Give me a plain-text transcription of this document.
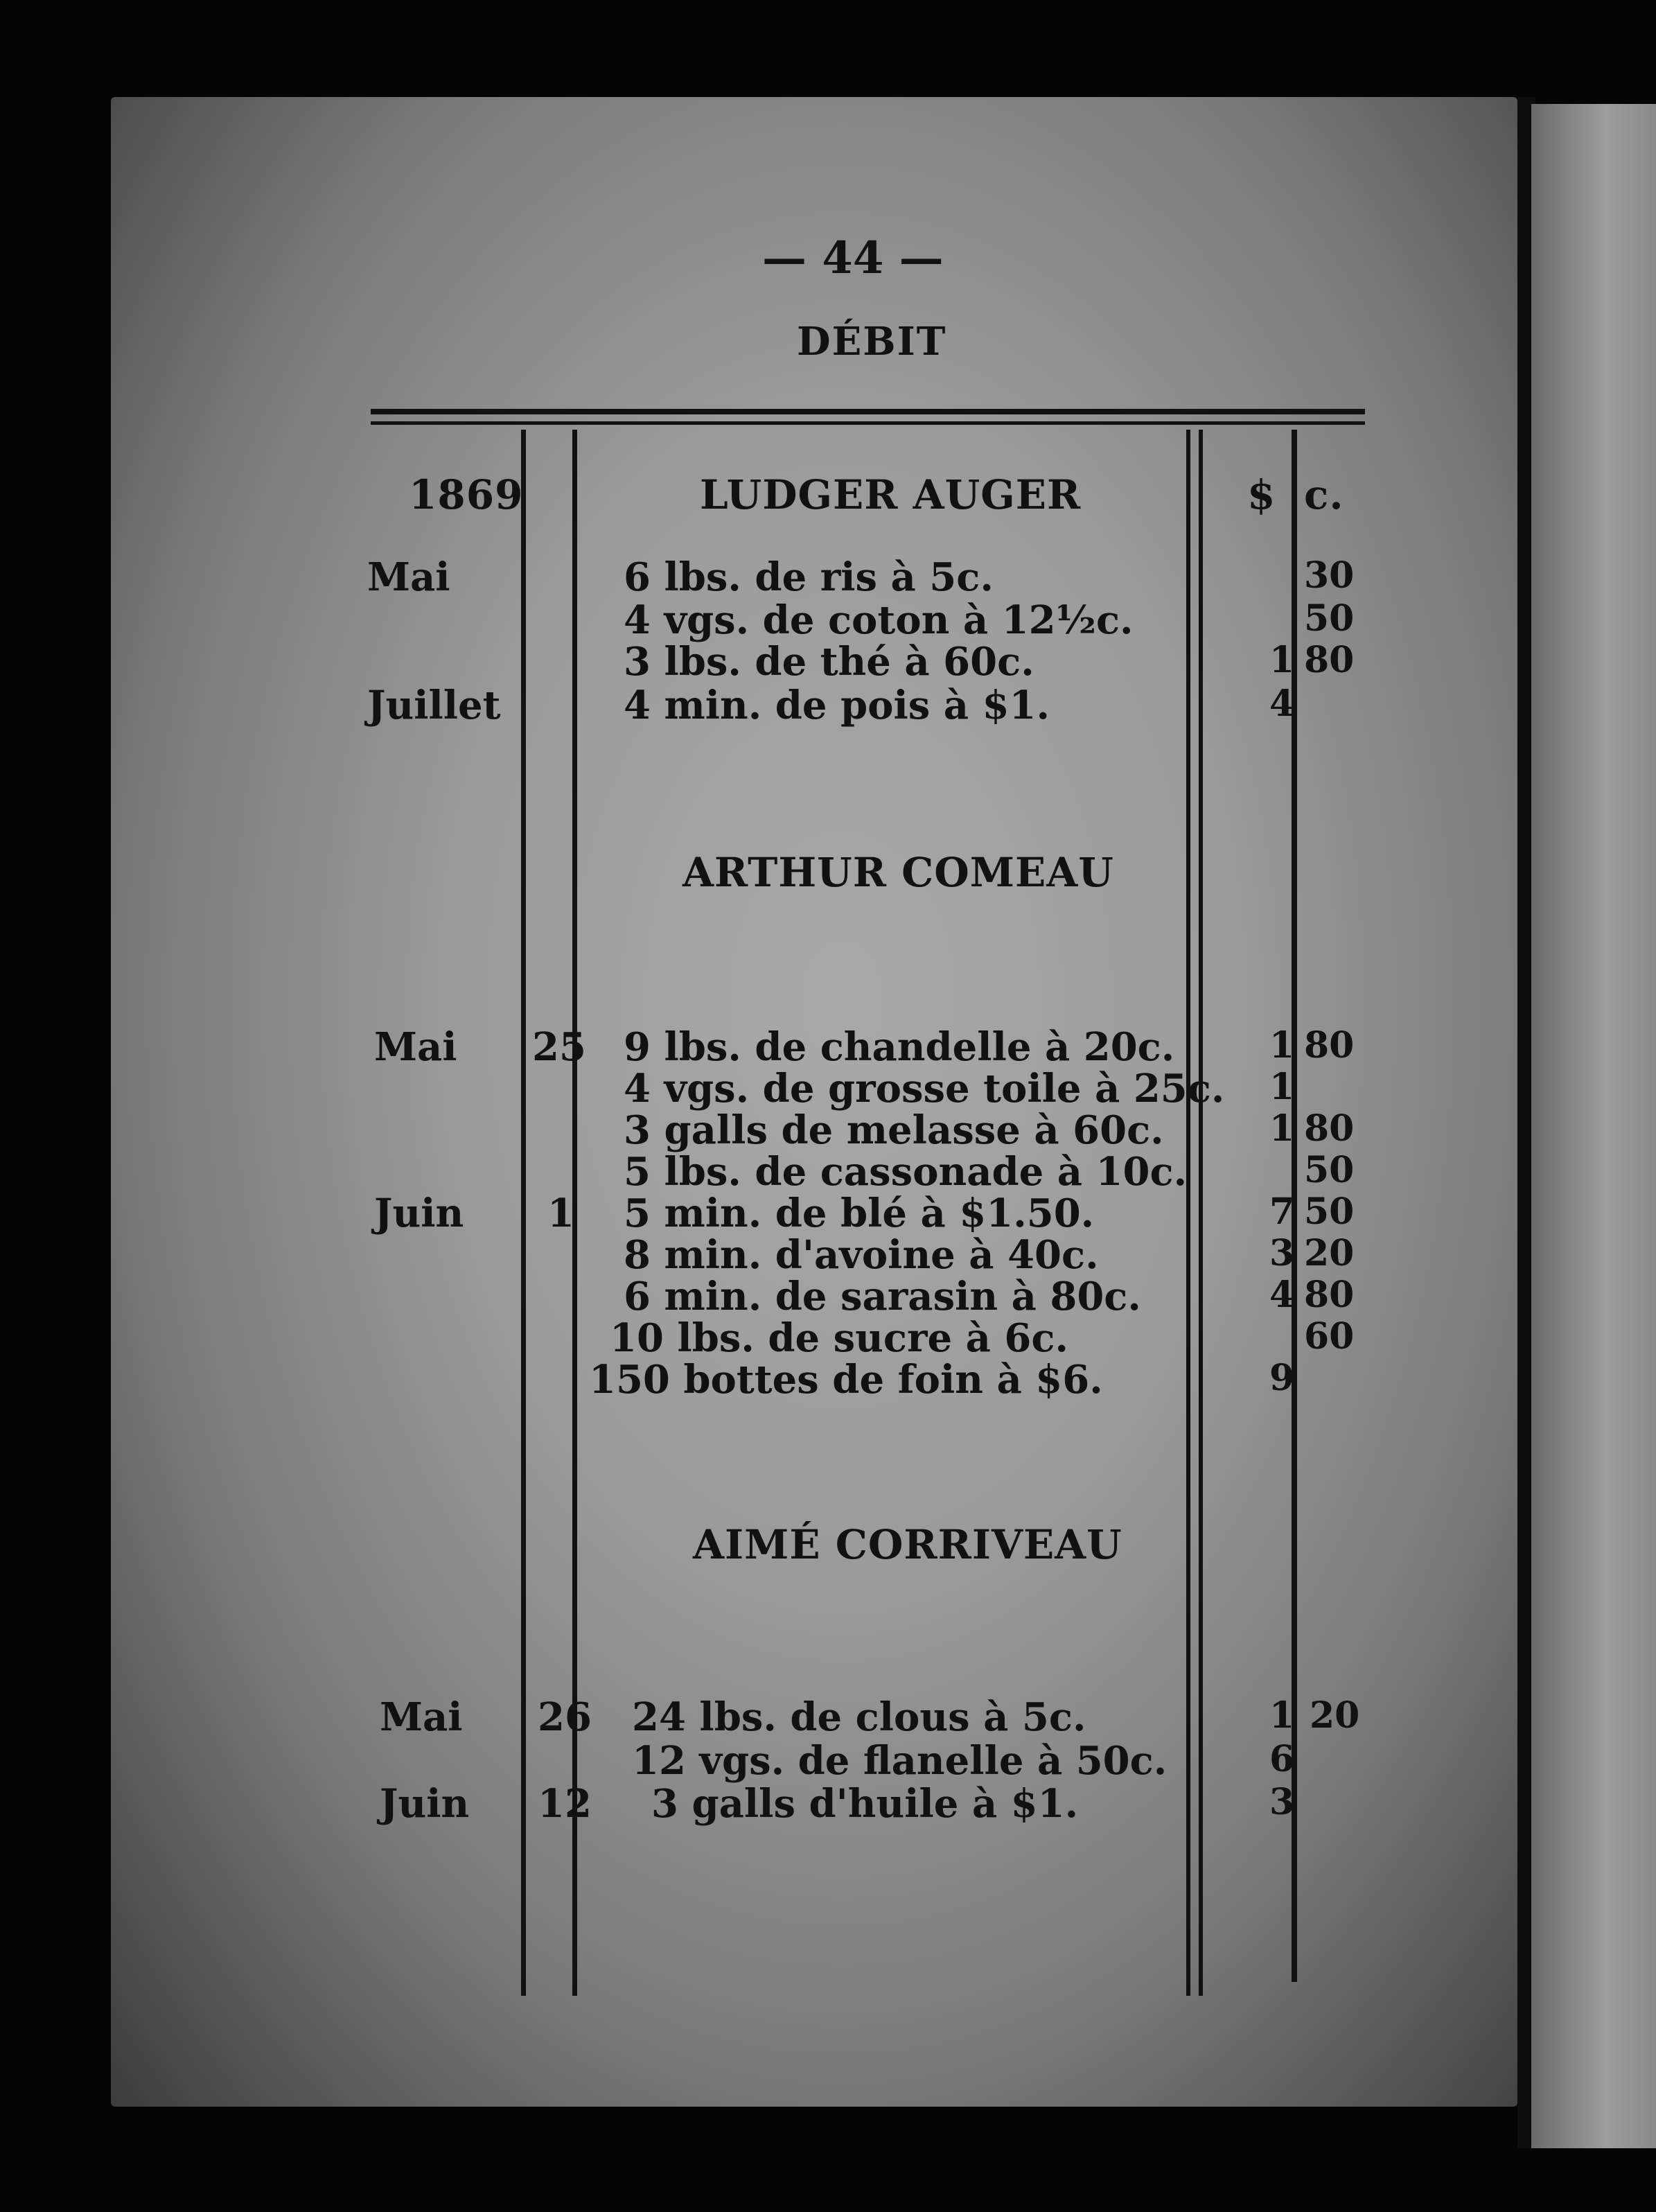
— 44 —
DÉBIT
1869	LUDGER AUGER	$ c.
Mai	6 lbs. de ris à 5c.	30
4 vgs. de coton à 12½c.	50
3 lbs. de thé à 60c.	1 80
Juillet	4 min. de pois à $1.	4
ARTHUR COMEAU
Mai 25 9 lbs. de chandelle à 20c.	1 80
4 vgs. de grosse toile à 25c. 1
3 galls de melasse à 60c.	1 80
5 lbs. de cassonade à 10c.	50
Juin 1 5 min. de blé à $1.50.	7 50
8 min. d'avoine à 40c.	3 20
6 min. de sarasin à 80c.	4 80
10 lbs. de sucre à 6c.	60
150 bottes de foin à $6.	9
AIMÉ CORRIVEAU
Mai 26 24 lbs. de clous à 5c.	1 20
12 vgs. de flanelle à 50c.	6
Juin 12 3 galls d'huile à $1.	3
